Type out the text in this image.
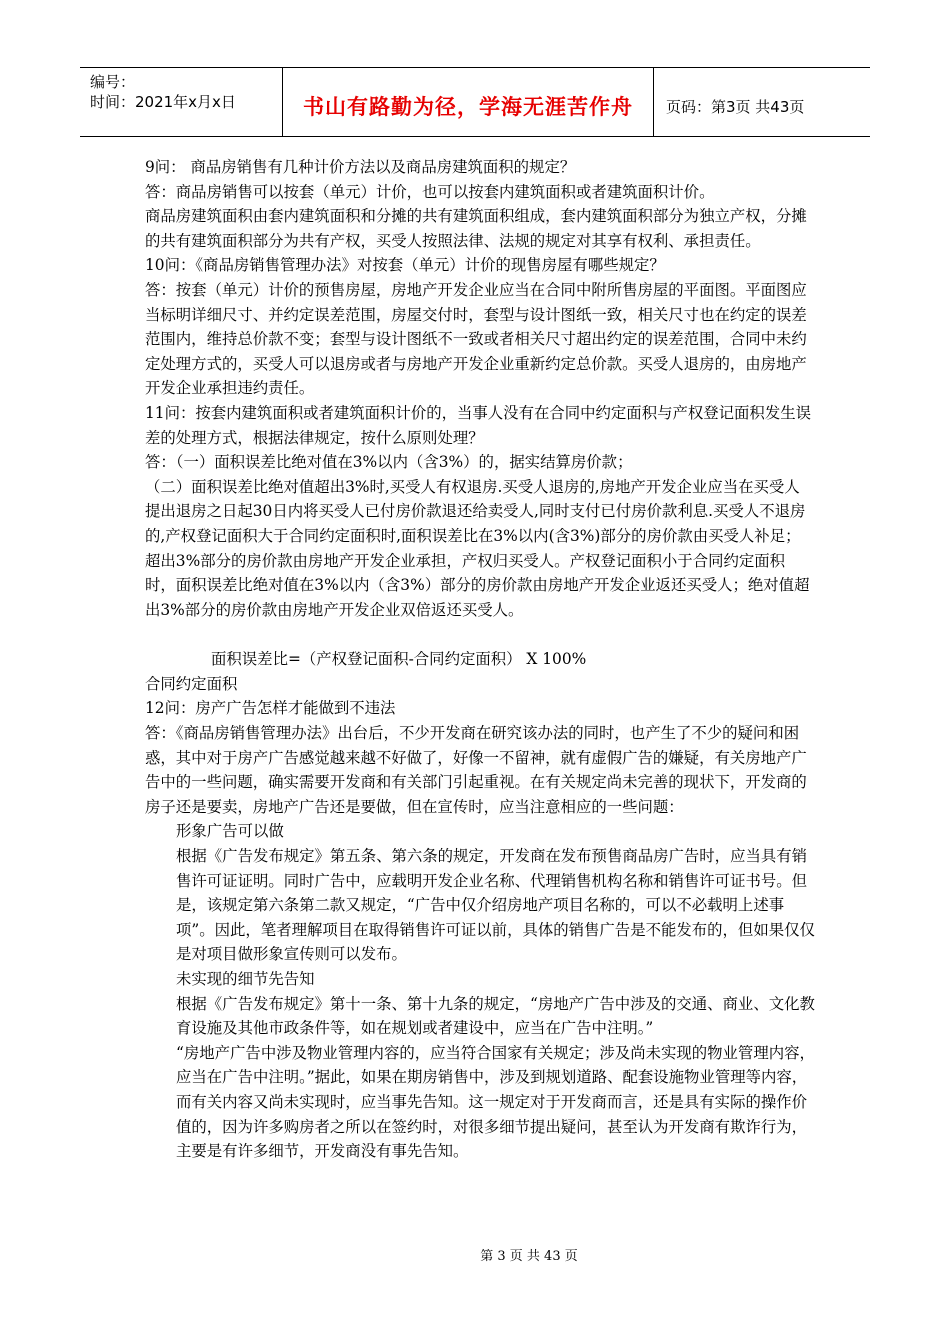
编号：
时间：2021年x月x日	书山有路勤为径，学海无涯苦作舟 页码：第3页 共43页

9问： 商品房销售有几种计价方法以及商品房建筑面积的规定？

答：商品房销售可以按套（单元）计价，也可以按套内建筑面积或者建筑面积计价。

商品房建筑面积由套内建筑面积和分摊的共有建筑面积组成，套内建筑面积部分为独立产权，分摊的共有建筑面积部分为共有产权，买受人按照法律、法规的规定对其享有权利、承担责任。

10问：《商品房销售管理办法》对按套（单元）计价的现售房屋有哪些规定？

答：按套（单元）计价的预售房屋，房地产开发企业应当在合同中附所售房屋的平面图。平面图应当标明详细尺寸、并约定误差范围，房屋交付时，套型与设计图纸一致，相关尺寸也在约定的误差范围内，维持总价款不变；套型与设计图纸不一致或者相关尺寸超出约定的误差范围，合同中未约定处理方式的，买受人可以退房或者与房地产开发企业重新约定总价款。买受人退房的，由房地产开发企业承担违约责任。

11问：按套内建筑面积或者建筑面积计价的，当事人没有在合同中约定面积与产权登记面积发生误差的处理方式，根据法律规定，按什么原则处理？

答：（一）面积误差比绝对值在3%以内（含3%）的，据实结算房价款；

（二）面积误差比绝对值超出3%时,买受人有权退房.买受人退房的,房地产开发企业应当在买受人提出退房之日起30日内将买受人已付房价款退还给卖受人,同时支付已付房价款利息.买受人不退房的,产权登记面积大于合同约定面积时,面积误差比在3%以内(含3%)部分的房价款由买受人补足；超出3%部分的房价款由房地产开发企业承担，产权归买受人。产权登记面积小于合同约定面积时，面积误差比绝对值在3%以内（含3%）部分的房价款由房地产开发企业返还买受人；绝对值超出3%部分的房价款由房地产开发企业双倍返还买受人。

面积误差比=（产权登记面积-合同约定面积） X 100%

合同约定面积

12问：房产广告怎样才能做到不违法

答：《商品房销售管理办法》出台后，不少开发商在研究该办法的同时，也产生了不少的疑问和困惑，其中对于房产广告感觉越来越不好做了，好像一不留神，就有虚假广告的嫌疑，有关房地产广告中的一些问题，确实需要开发商和有关部门引起重视。在有关规定尚未完善的现状下，开发商的房子还是要卖，房地产广告还是要做，但在宣传时，应当注意相应的一些问题：

形象广告可以做

根据《广告发布规定》第五条、第六条的规定，开发商在发布预售商品房广告时，应当具有销售许可证证明。同时广告中，应载明开发企业名称、代理销售机构名称和销售许可证书号。但是，该规定第六条第二款又规定，“广告中仅介绍房地产项目名称的，可以不必载明上述事项”。因此，笔者理解项目在取得销售许可证以前，具体的销售广告是不能发布的，但如果仅仅是对项目做形象宣传则可以发布。

未实现的细节先告知

根据《广告发布规定》第十一条、第十九条的规定，“房地产广告中涉及的交通、商业、文化教育设施及其他市政条件等，如在规划或者建设中，应当在广告中注明。”

“房地产广告中涉及物业管理内容的，应当符合国家有关规定；涉及尚未实现的物业管理内容，应当在广告中注明。”据此，如果在期房销售中，涉及到规划道路、配套设施物业管理等内容，而有关内容又尚未实现时，应当事先告知。这一规定对于开发商而言，还是具有实际的操作价值的，因为许多购房者之所以在签约时，对很多细节提出疑问，甚至认为开发商有欺诈行为，主要是有许多细节，开发商没有事先告知。

第 3 页 共 43 页
